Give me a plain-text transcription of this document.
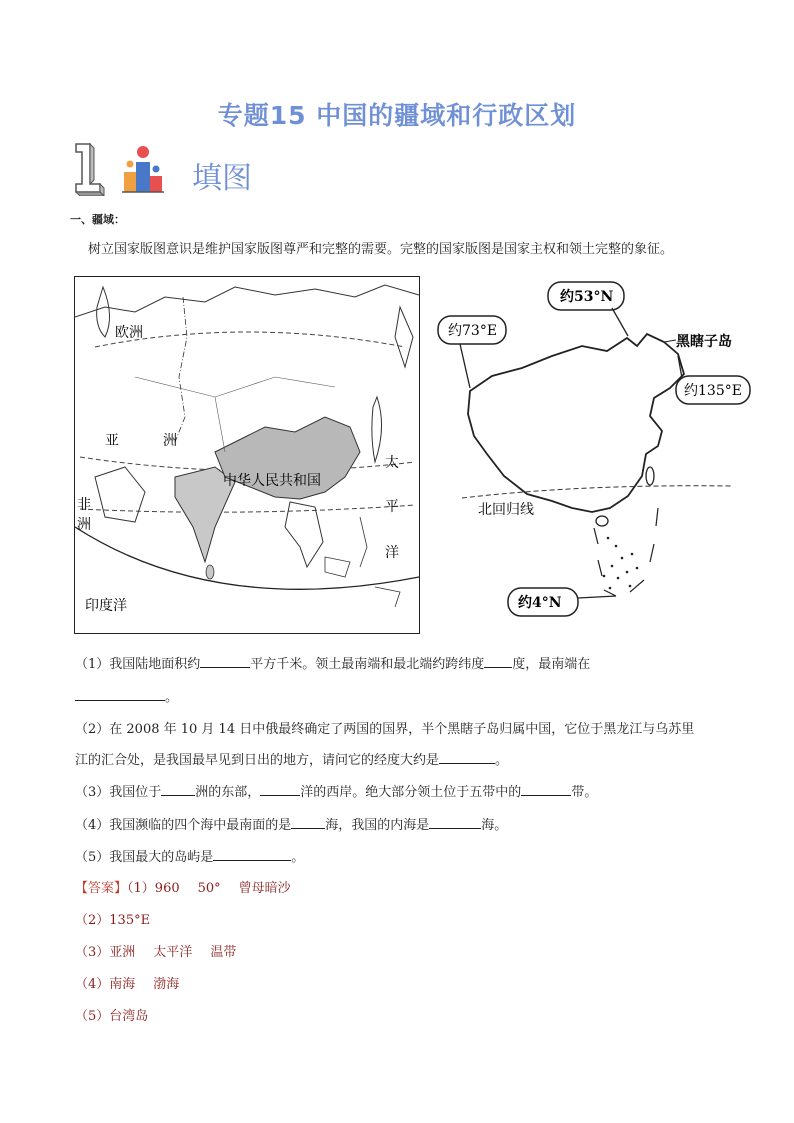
专题15 中国的疆域和行政区划
填图
一、疆域：
树立国家版图意识是维护国家版图尊严和完整的需要。完整的国家版图是国家主权和领土完整的象征。
欧洲
亚	洲
中华人民共和国
太
平
洋
印度洋
非
洲
约53°N
约73°E
黑瞎子岛
约135°E
北回归线
约4°N
（1）我国陆地面积约	平方千米。领土最南端和最北端约跨纬度 度，最南端在
。
（2）在 2008 年 10 月 14 日中俄最终确定了两国的国界，半个黑瞎子岛归属中国，它位于黑龙江与乌苏里
江的汇合处，是我国最早见到日出的地方，请问它的经度大约是	。
（3）我国位于	洲的东部，	洋的西岸。绝大部分领土位于五带中的	带。
（4）我国濒临的四个海中最南面的是	海，我国的内海是	海。
（5）我国最大的岛屿是	。
【答案】（1）960 50° 曾母暗沙
（2）135°E
（3）亚洲 太平洋 温带
（4）南海 渤海
（5）台湾岛
